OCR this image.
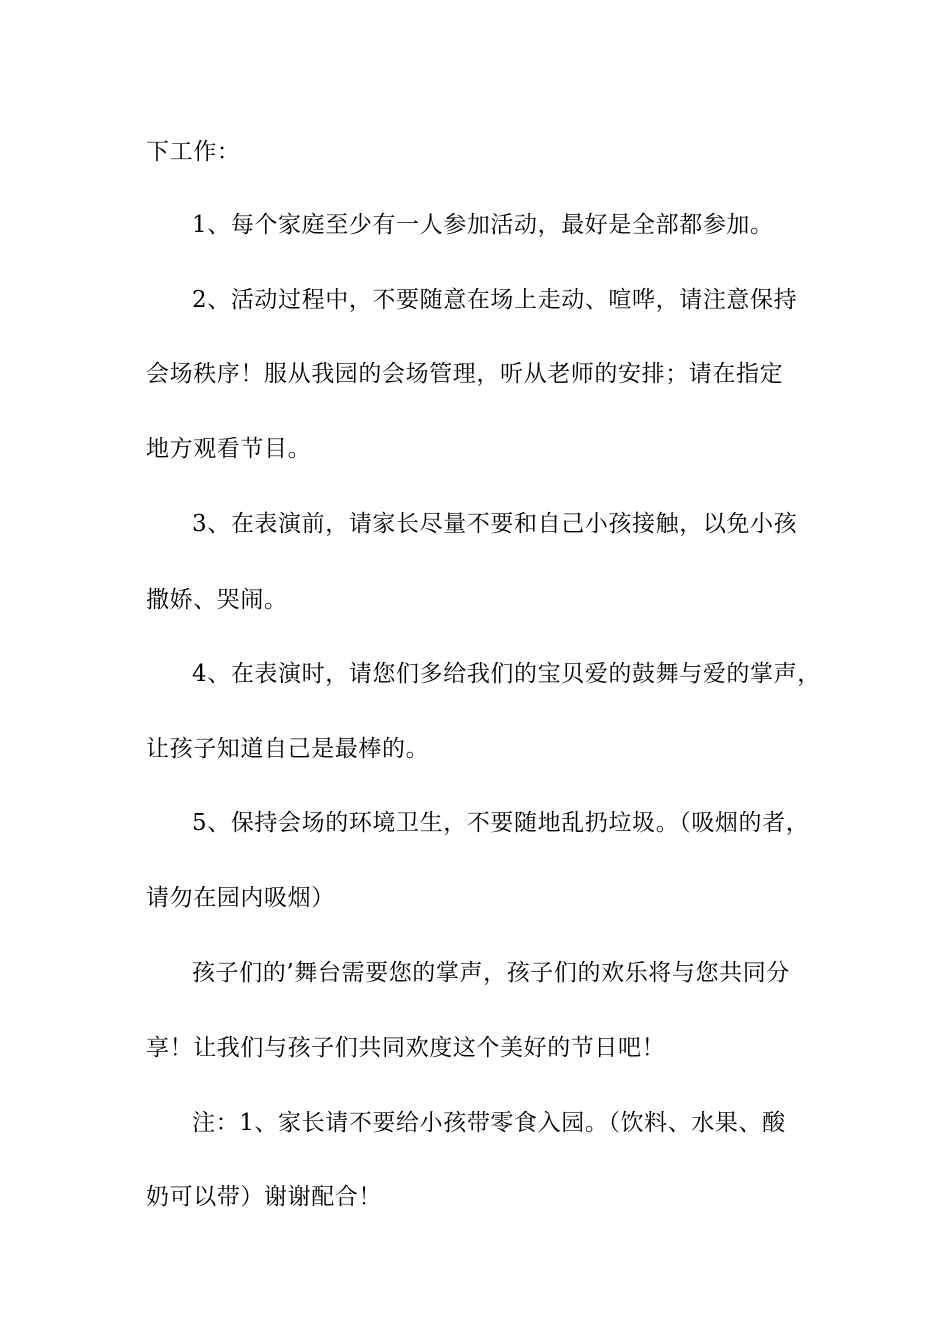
下工作：
1、每个家庭至少有一人参加活动，最好是全部都参加。
2、活动过程中，不要随意在场上走动、喧哗，请注意保持
会场秩序！服从我园的会场管理，听从老师的安排；请在指定
地方观看节目。
3、在表演前，请家长尽量不要和自己小孩接触，以免小孩
撒娇、哭闹。
4、在表演时，请您们多给我们的宝贝爱的鼓舞与爱的掌声，
让孩子知道自己是最棒的。
5、保持会场的环境卫生，不要随地乱扔垃圾。（吸烟的者，
请勿在园内吸烟）
孩子们的’舞台需要您的掌声，孩子们的欢乐将与您共同分
享！让我们与孩子们共同欢度这个美好的节日吧！
注：1、家长请不要给小孩带零食入园。（饮料、水果、酸
奶可以带）谢谢配合！
